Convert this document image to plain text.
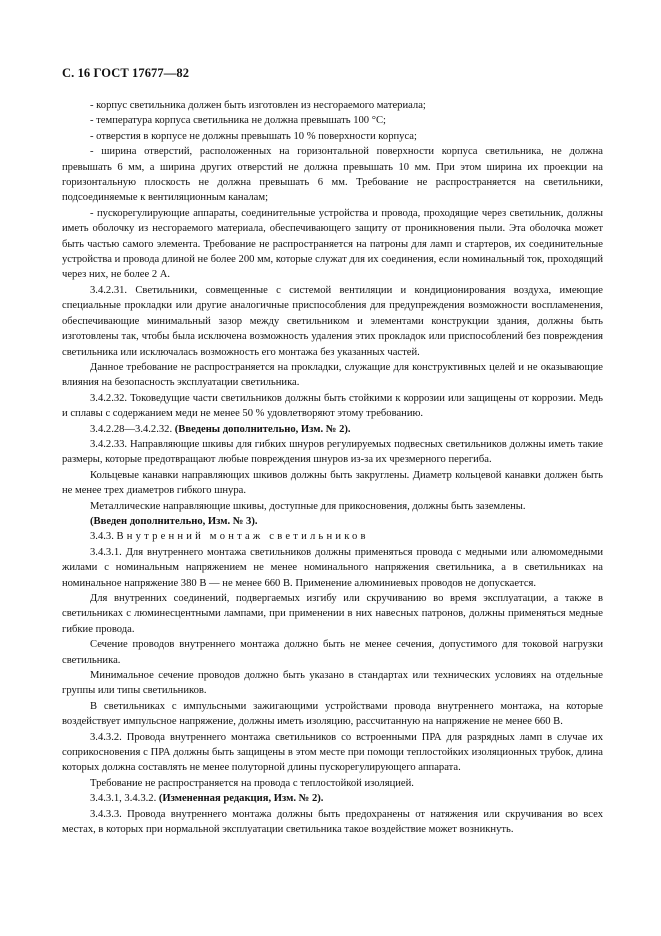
С. 16 ГОСТ 17677—82

- корпус светильника должен быть изготовлен из несгораемого материала;

- температура корпуса светильника не должна превышать 100 °С;

- отверстия в корпусе не должны превышать 10 % поверхности корпуса;

- ширина отверстий, расположенных на горизонтальной поверхности корпуса светильника, не должна превышать 6 мм, а ширина других отверстий не должна превышать 10 мм. При этом ширина их проекции на горизонтальную плоскость не должна превышать 6 мм. Требование не распространяется на светильники, подсоединяемые к вентиляционным каналам;

- пускорегулирующие аппараты, соединительные устройства и провода, проходящие через светильник, должны иметь оболочку из несгораемого материала, обеспечивающего защиту от проникновения пыли. Эта оболочка может быть частью самого элемента. Требование не распространяется на патроны для ламп и стартеров, их соединительные устройства и провода длиной не более 200 мм, которые служат для их соединения, если номинальный ток, проходящий через них, не более 2 А.

3.4.2.31. Светильники, совмещенные с системой вентиляции и кондиционирования воздуха, имеющие специальные прокладки или другие аналогичные приспособления для предупреждения возможности воспламенения, обеспечивающие минимальный зазор между светильником и элементами конструкции здания, должны быть изготовлены так, чтобы была исключена возможность удаления этих прокладок или приспособлений без повреждения светильника или исключалась возможность его монтажа без указанных частей.

Данное требование не распространяется на прокладки, служащие для конструктивных целей и не оказывающие влияния на безопасность эксплуатации светильника.

3.4.2.32. Токоведущие части светильников должны быть стойкими к коррозии или защищены от коррозии. Медь и сплавы с содержанием меди не менее 50 % удовлетворяют этому требованию.

3.4.2.28—3.4.2.32. (Введены дополнительно, Изм. № 2).

3.4.2.33. Направляющие шкивы для гибких шнуров регулируемых подвесных светильников должны иметь такие размеры, которые предотвращают любые повреждения шнуров из-за их чрезмерного перегиба.

Кольцевые канавки направляющих шкивов должны быть закруглены. Диаметр кольцевой канавки должен быть не менее трех диаметров гибкого шнура.

Металлические направляющие шкивы, доступные для прикосновения, должны быть заземлены.

(Введен дополнительно, Изм. № 3).

3.4.3. Внутренний монтаж светильников

3.4.3.1. Для внутреннего монтажа светильников должны применяться провода с медными или алюмомедными жилами с номинальным напряжением не менее номинального напряжения светильника, а в светильниках на номинальное напряжение 380 В — не менее 660 В. Применение алюминиевых проводов не допускается.

Для внутренних соединений, подвергаемых изгибу или скручиванию во время эксплуатации, а также в светильниках с люминесцентными лампами, при применении в них навесных патронов, должны применяться медные гибкие провода.

Сечение проводов внутреннего монтажа должно быть не менее сечения, допустимого для токовой нагрузки светильника.

Минимальное сечение проводов должно быть указано в стандартах или технических условиях на отдельные группы или типы светильников.

В светильниках с импульсными зажигающими устройствами провода внутреннего монтажа, на которые воздействует импульсное напряжение, должны иметь изоляцию, рассчитанную на напряжение не менее 660 В.

3.4.3.2. Провода внутреннего монтажа светильников со встроенными ПРА для разрядных ламп в случае их соприкосновения с ПРА должны быть защищены в этом месте при помощи теплостойких изоляционных трубок, длина которых должна составлять не менее полуторной длины пускорегулирующего аппарата.

Требование не распространяется на провода с теплостойкой изоляцией.

3.4.3.1, 3.4.3.2. (Измененная редакция, Изм. № 2).

3.4.3.3. Провода внутреннего монтажа должны быть предохранены от натяжения или скручивания во всех местах, в которых при нормальной эксплуатации светильника такое воздействие может возникнуть.
